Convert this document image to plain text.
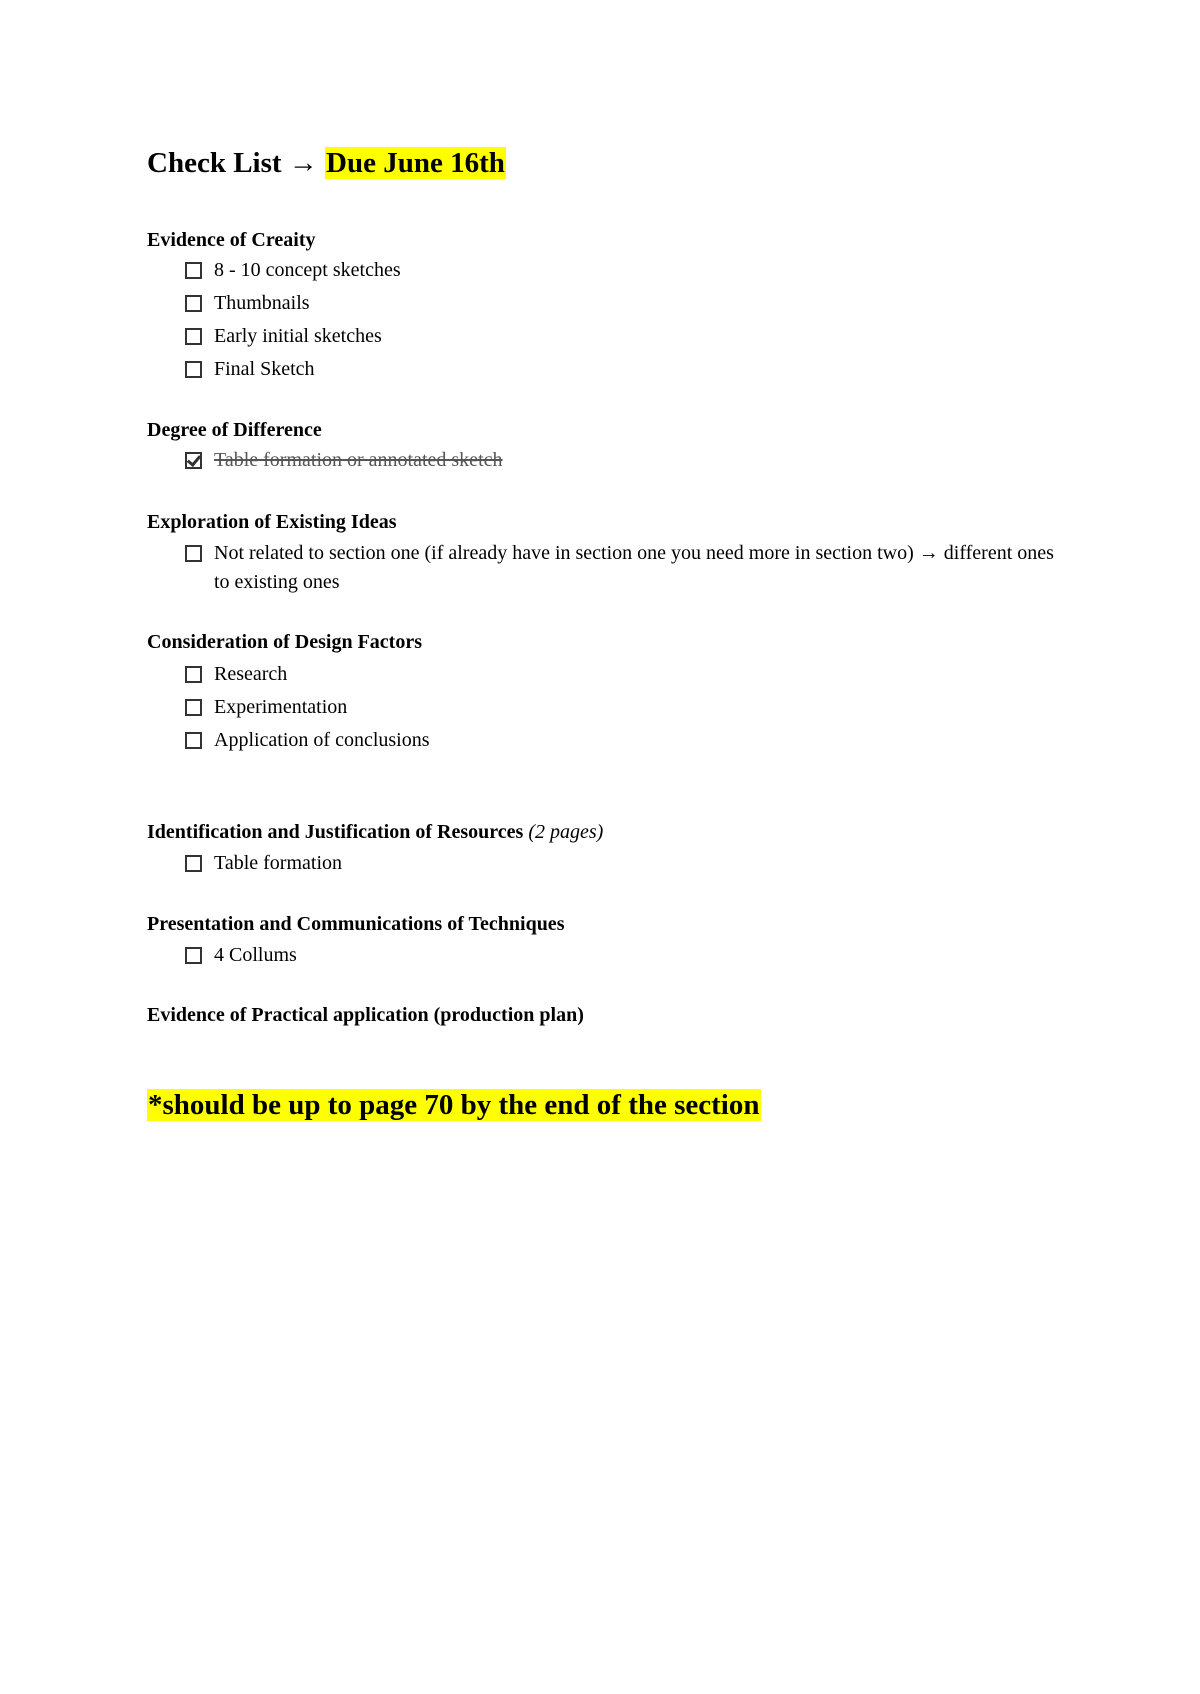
Check List → Due June 16th
Evidence of Creaity
8 - 10 concept sketches
Thumbnails
Early initial sketches
Final Sketch
Degree of Difference
Table formation or annotated sketch
Exploration of Existing Ideas
Not related to section one (if already have in section one you need more in section two) → different ones to existing ones
Consideration of Design Factors
Research
Experimentation
Application of conclusions
Identification and Justification of Resources (2 pages)
Table formation
Presentation and Communications of Techniques
4 Collums
Evidence of Practical application (production plan)
*should be up to page 70 by the end of the section
